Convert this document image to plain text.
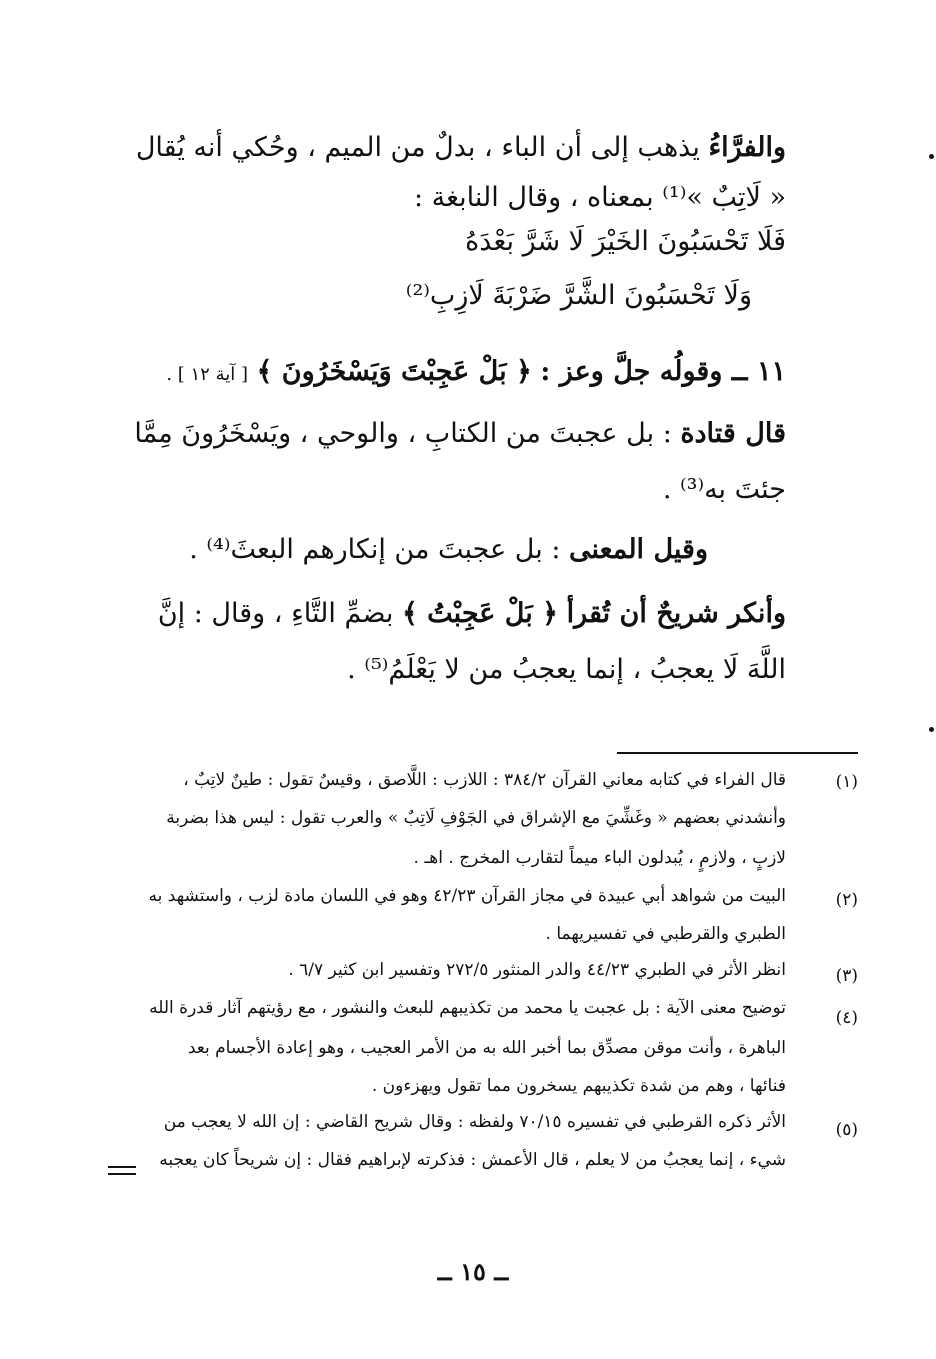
والفرَّاءُ يذهب إلى أن الباء ، بدلٌ من الميم ، وحُكي أنه يُقال
« لَاتِبٌ »⁽¹⁾ بمعناه ، وقال النابغة :
فَلَا تَحْسَبُونَ الخَيْرَ لَا شَرَّ بَعْدَهُ
وَلَا تَحْسَبُونَ الشَّرَّ ضَرْبَةَ لَازِبِ⁽²⁾
١١ ــ وقولُه جلَّ وعز : ﴿ بَلْ عَجِبْتَ وَيَسْخَرُونَ ﴾ [ آية ١٢ ] .
قال قتادة : بل عجبتَ من الكتابِ ، والوحي ، ويَسْخَرُونَ مِمَّا
جئتَ به⁽³⁾ .
وقيل المعنى : بل عجبتَ من إنكارهم البعثَ⁽⁴⁾ .
وأنكر شريحٌ أن تُقرأ ﴿ بَلْ عَجِبْتُ ﴾ بضمِّ التَّاءِ ، وقال : إنَّ
اللَّهَ لَا يعجبُ ، إنما يعجبُ من لا يَعْلَمُ⁽⁵⁾ .
(١)
قال الفراء في كتابه معاني القرآن ٣٨٤/٢ : اللازب : اللَّاصق ، وقيسٌ تقول : طينٌ لاتِبٌ ،
وأنشدني بعضهم « وغَشِّيَ مع الإشراق في الجَوْفِ لَاتِبٌ » والعرب تقول : ليس هذا بضربة
لازبٍ ، ولازمٍ ، يُبدلون الباء ميماً لتقارب المخرج . اهـ .
(٢)
البيت من شواهد أبي عبيدة في مجاز القرآن ٤٢/٢٣ وهو في اللسان مادة لزب ، واستشهد به
الطبري والقرطبي في تفسيريهما .
(٣)
انظر الأثر في الطبري ٤٤/٢٣ والدر المنثور ٢٧٢/٥ وتفسير ابن كثير ٦/٧ .
(٤)
توضيح معنى الآية : بل عجبت يا محمد من تكذيبهم للبعث والنشور ، مع رؤيتهم آثار قدرة الله
الباهرة ، وأنت موقن مصدِّق بما أخبر الله به من الأمر العجيب ، وهو إعادة الأجسام بعد
فنائها ، وهم من شدة تكذيبهم يسخرون مما تقول ويهزءون .
(٥)
الأثر ذكره القرطبي في تفسيره ٧٠/١٥ ولفظه : وقال شريح القاضي : إن الله لا يعجب من
شيء ، إنما يعجبُ من لا يعلم ، قال الأعمش : فذكرته لإبراهيم فقال : إن شريحاً كان يعجبه
ــ ١٥ ــ
